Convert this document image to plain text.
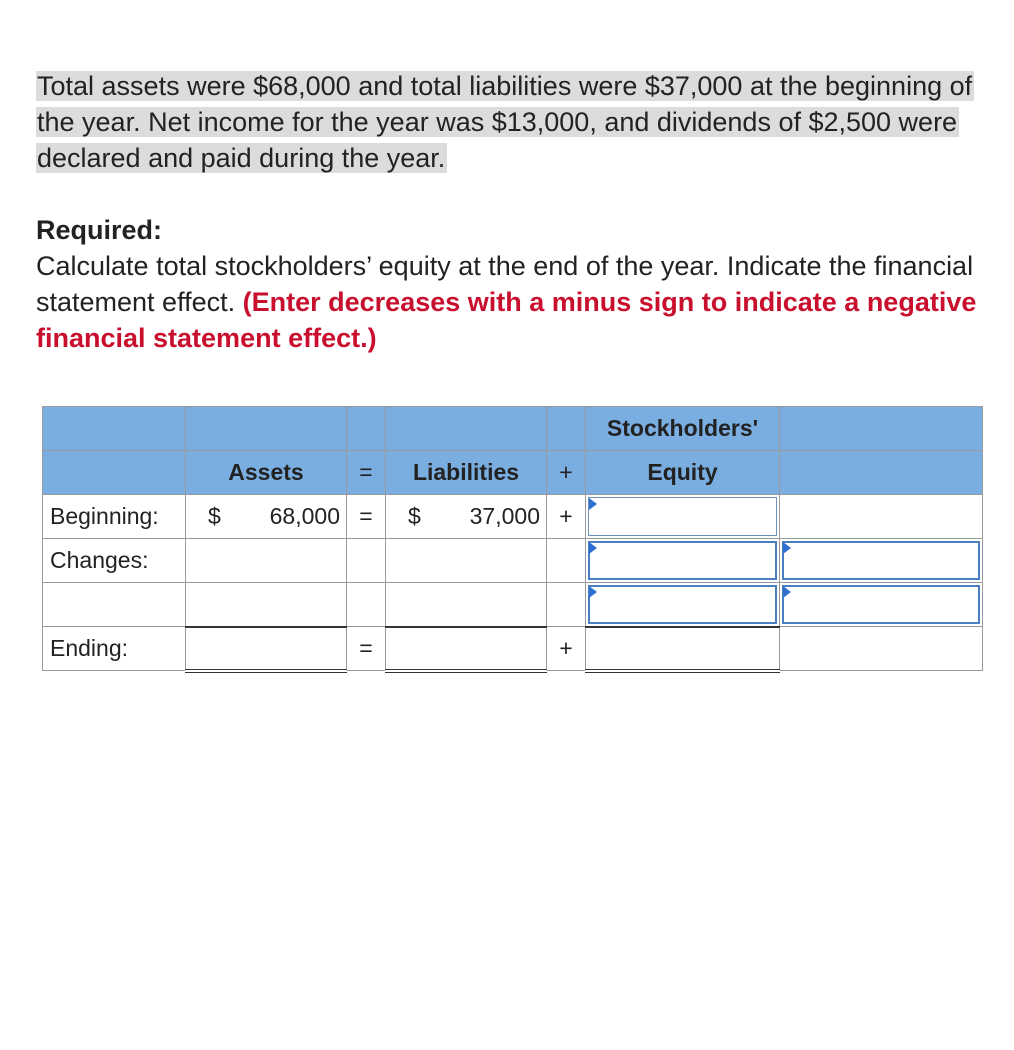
Total assets were $68,000 and total liabilities were $37,000 at the beginning of the year. Net income for the year was $13,000, and dividends of $2,500 were declared and paid during the year.
Required:
Calculate total stockholders’ equity at the end of the year. Indicate the financial statement effect. (Enter decreases with a minus sign to indicate a negative financial statement effect.)
					Stockholders'	
	Assets	=	Liabilities	+	Equity	
Beginning:	$ 68,000	=	$ 37,000	+	

Changes:					

Ending:		=		+		
